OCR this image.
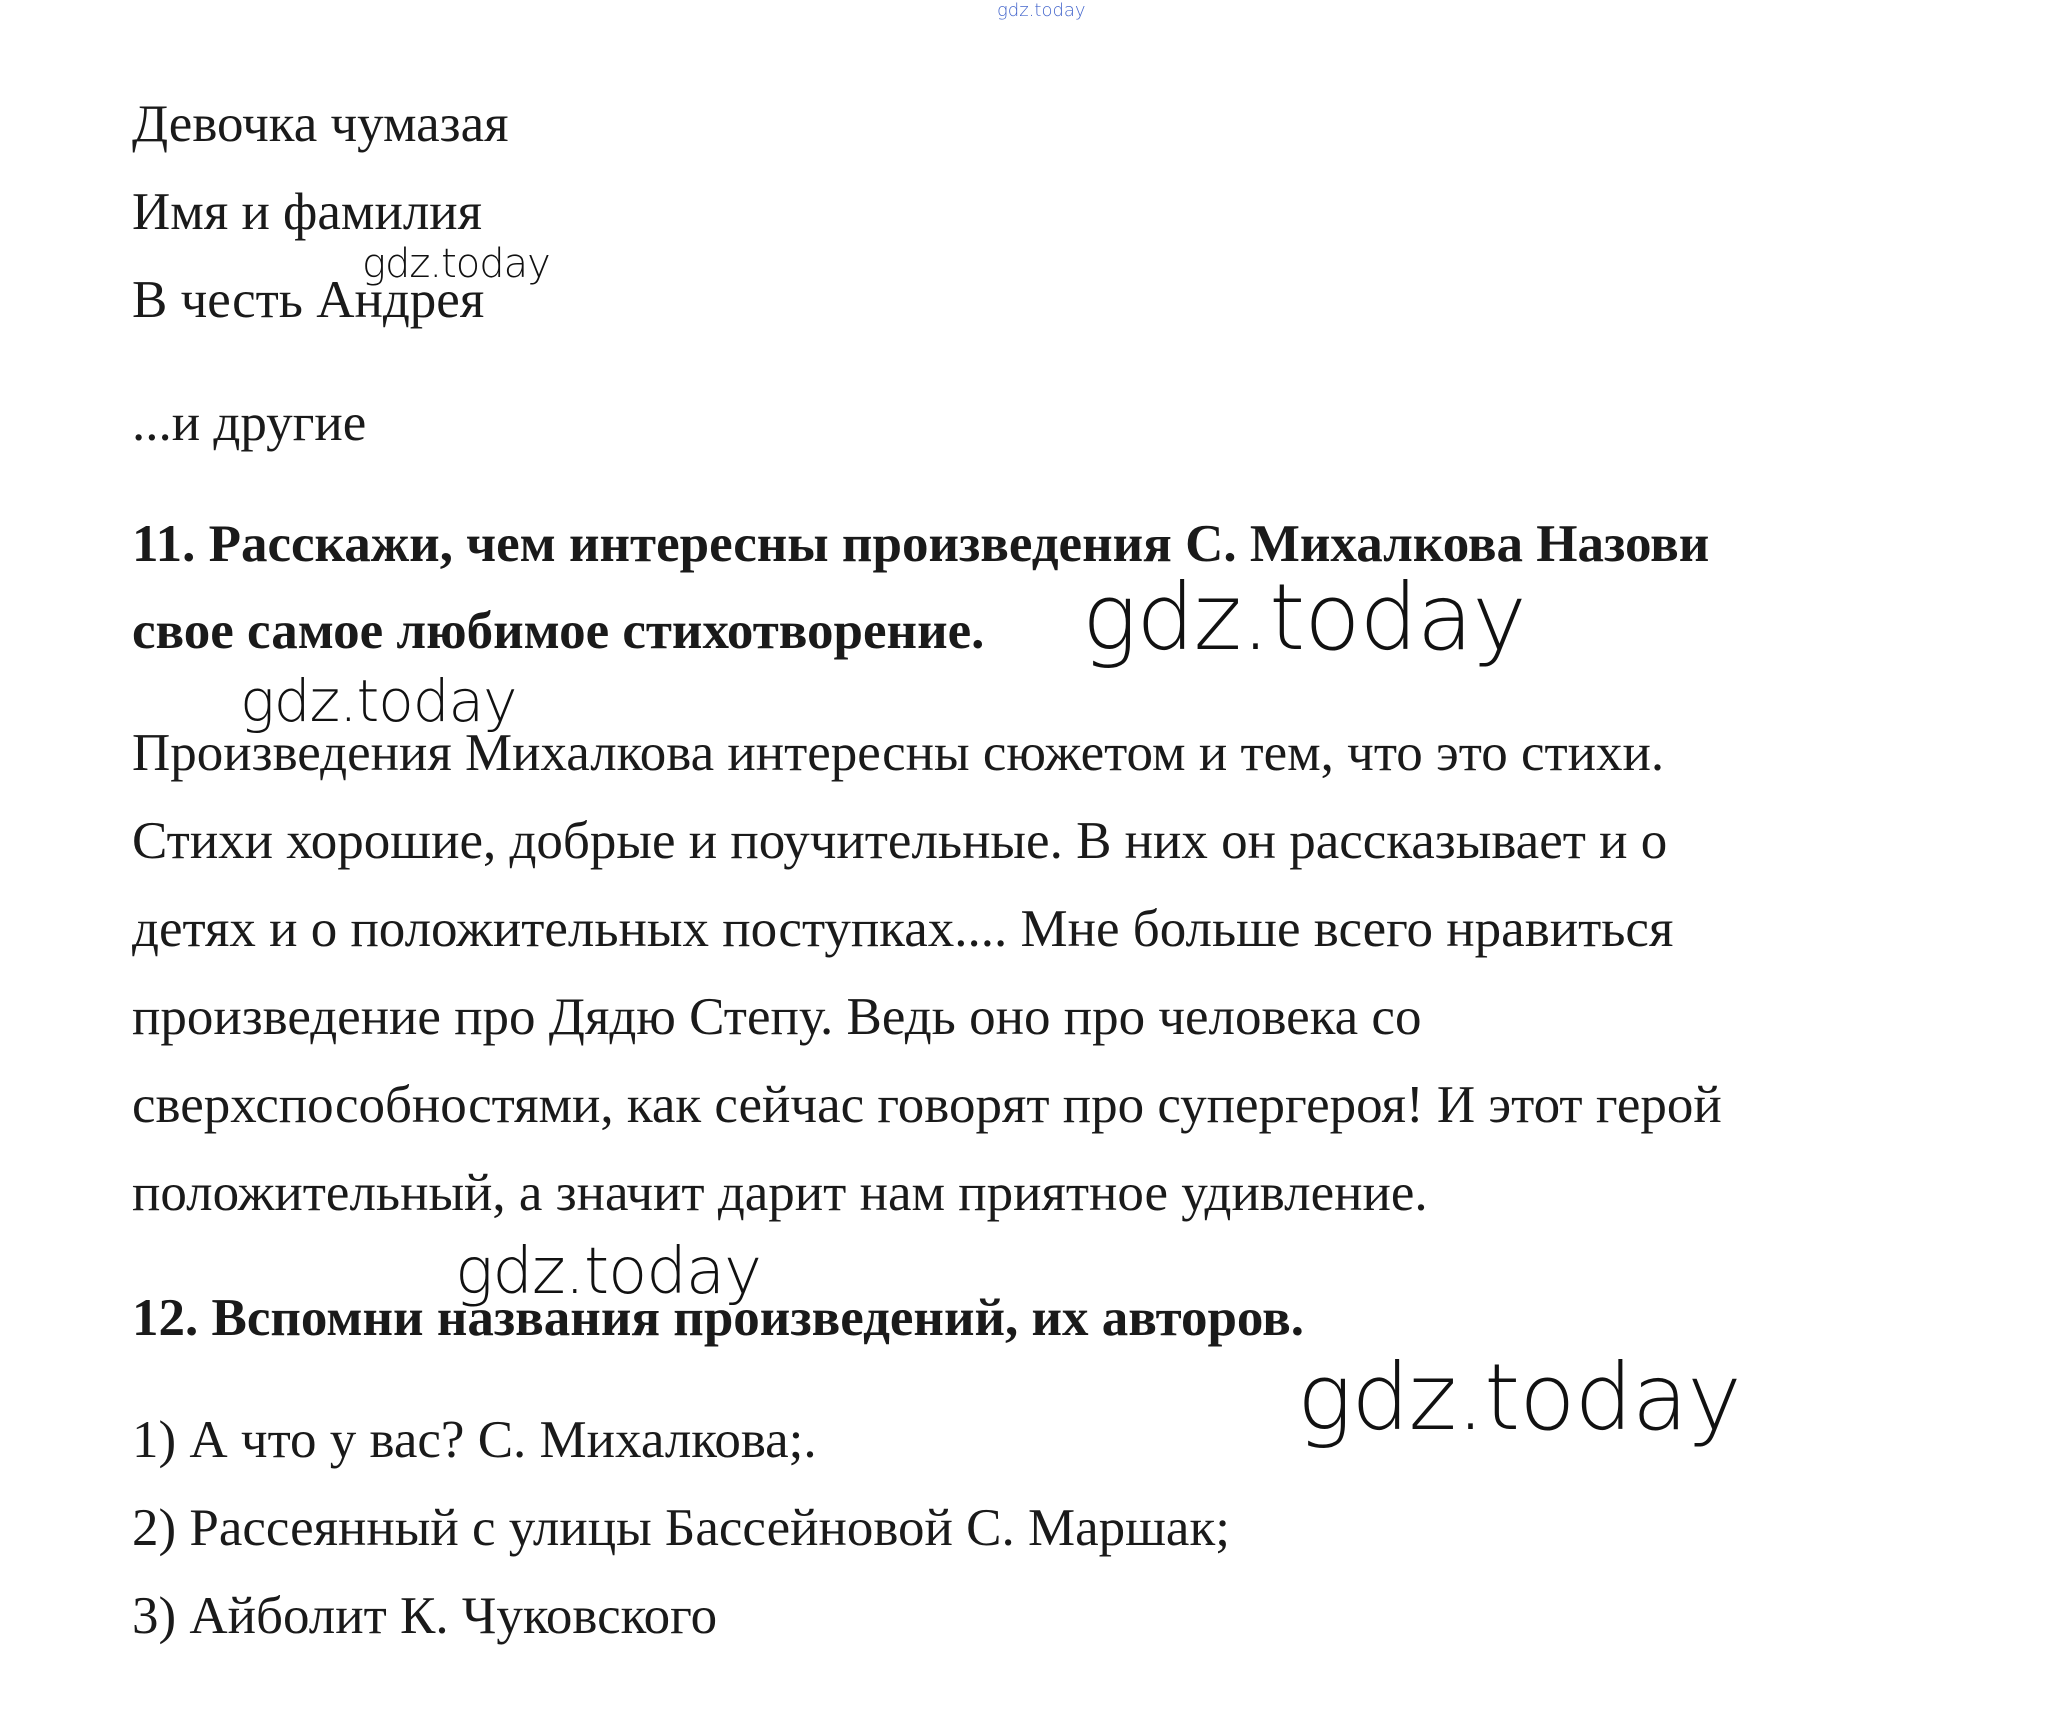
gdz.today
Девочка чумазая
Имя и фамилия
В честь Андрея
gdz.today
...и другие
11. Расскажи, чем интересны произведения С. Михалкова Назови
свое самое любимое стихотворение. gdz.today
gdz.today
Произведения Михалкова интересны сюжетом и тем, что это стихи.
Стихи хорошие, добрые и поучительные. В них он рассказывает и о
детях и о положительных поступках.... Мне больше всего нравиться
произведение про Дядю Степу. Ведь оно про человека со
сверхспособностями, как сейчас говорят про супергероя! И этот герой
положительный, а значит дарит нам приятное удивление.
gdz.today
12. Вспомни названия произведений, их авторов.
gdz.today
1) А что у вас? С. Михалкова;.
2) Рассеянный с улицы Бассейновой С. Маршак;
3) Айболит К. Чуковского
